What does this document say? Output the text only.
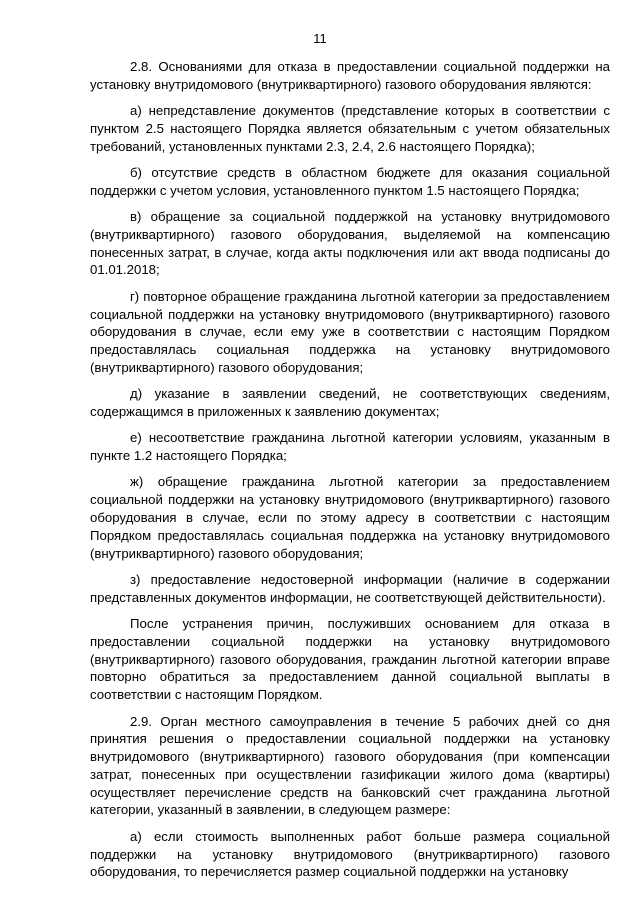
11

2.8. Основаниями для отказа в предоставлении социальной поддержки на установку внутридомового (внутриквартирного) газового оборудования являются:

а) непредставление документов (представление которых в соответствии с пунктом 2.5 настоящего Порядка является обязательным с учетом обязательных требований, установленных пунктами 2.3, 2.4, 2.6 настоящего Порядка);

б) отсутствие средств в областном бюджете для оказания социальной поддержки с учетом условия, установленного пунктом 1.5 настоящего Порядка;

в) обращение за социальной поддержкой на установку внутридомового (внутриквартирного) газового оборудования, выделяемой на компенсацию понесенных затрат, в случае, когда акты подключения или акт ввода подписаны до 01.01.2018;

г) повторное обращение гражданина льготной категории за предоставлением социальной поддержки на установку внутридомового (внутриквартирного) газового оборудования в случае, если ему уже в соответствии с настоящим Порядком предоставлялась социальная поддержка на установку внутридомового (внутриквартирного) газового оборудования;

д) указание в заявлении сведений, не соответствующих сведениям, содержащимся в приложенных к заявлению документах;

е) несоответствие гражданина льготной категории условиям, указанным в пункте 1.2 настоящего Порядка;

ж) обращение гражданина льготной категории за предоставлением социальной поддержки на установку внутридомового (внутриквартирного) газового оборудования в случае, если по этому адресу в соответствии с настоящим Порядком предоставлялась социальная поддержка на установку внутридомового (внутриквартирного) газового оборудования;

з) предоставление недостоверной информации (наличие в содержании представленных документов информации, не соответствующей действительности).

После устранения причин, послуживших основанием для отказа в предоставлении социальной поддержки на установку внутридомового (внутриквартирного) газового оборудования, гражданин льготной категории вправе повторно обратиться за предоставлением данной социальной выплаты в соответствии с настоящим Порядком.

2.9. Орган местного самоуправления в течение 5 рабочих дней со дня принятия решения о предоставлении социальной поддержки на установку внутридомового (внутриквартирного) газового оборудования (при компенсации затрат, понесенных при осуществлении газификации жилого дома (квартиры) осуществляет перечисление средств на банковский счет гражданина льготной категории, указанный в заявлении, в следующем размере:

а) если стоимость выполненных работ больше размера социальной поддержки на установку внутридомового (внутриквартирного) газового оборудования, то перечисляется размер социальной поддержки на установку
